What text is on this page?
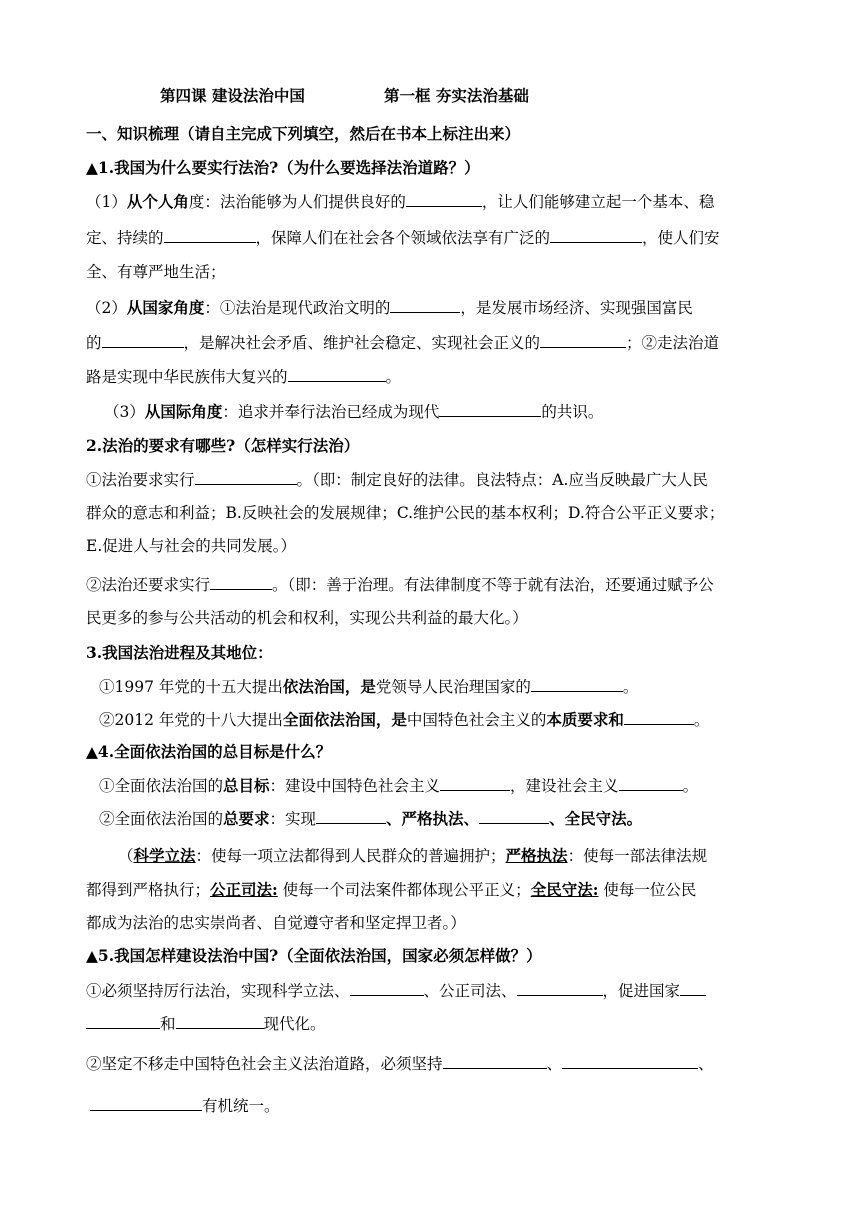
第四课 建设法治中国	第一框 夯实法治基础
一、知识梳理（请自主完成下列填空，然后在书本上标注出来）
▲1.我国为什么要实行法治?（为什么要选择法治道路？）
（1）从个人角度：法治能够为人们提供良好的	，让人们能够建立起一个基本、稳
定、持续的	，保障人们在社会各个领域依法享有广泛的	，使人们安
全、有尊严地生活；
（2）从国家角度：①法治是现代政治文明的	，是发展市场经济、实现强国富民
的	，是解决社会矛盾、维护社会稳定、实现社会正义的	；②走法治道
路是实现中华民族伟大复兴的	。
（3）从国际角度：追求并奉行法治已经成为现代	的共识。
2.法治的要求有哪些?（怎样实行法治）
①法治要求实行	。（即：制定良好的法律。良法特点：A.应当反映最广大人民
群众的意志和利益；B.反映社会的发展规律；C.维护公民的基本权利；D.符合公平正义要求；
E.促进人与社会的共同发展。）
②法治还要求实行	。（即：善于治理。有法律制度不等于就有法治，还要通过赋予公
民更多的参与公共活动的机会和权利，实现公共利益的最大化。）
3.我国法治进程及其地位：
①1997 年党的十五大提出依法治国，是党领导人民治理国家的	。
②2012 年党的十八大提出全面依法治国，是中国特色社会主义的本质要求和	。
▲4.全面依法治国的总目标是什么？
①全面依法治国的总目标：建设中国特色社会主义	，建设社会主义	。
②全面依法治国的总要求：实现	、严格执法、	、全民守法。
（科学立法：使每一项立法都得到人民群众的普遍拥护；严格执法：使每一部法律法规
都得到严格执行；公正司法: 使每一个司法案件都体现公平正义；全民守法: 使每一位公民
都成为法治的忠实崇尚者、自觉遵守者和坚定捍卫者。）
▲5.我国怎样建设法治中国?（全面依法治国，国家必须怎样做？）
①必须坚持厉行法治，实现科学立法、	、公正司法、	，促进国家
和	现代化。
②坚定不移走中国特色社会主义法治道路，必须坚持	、	、
有机统一。
